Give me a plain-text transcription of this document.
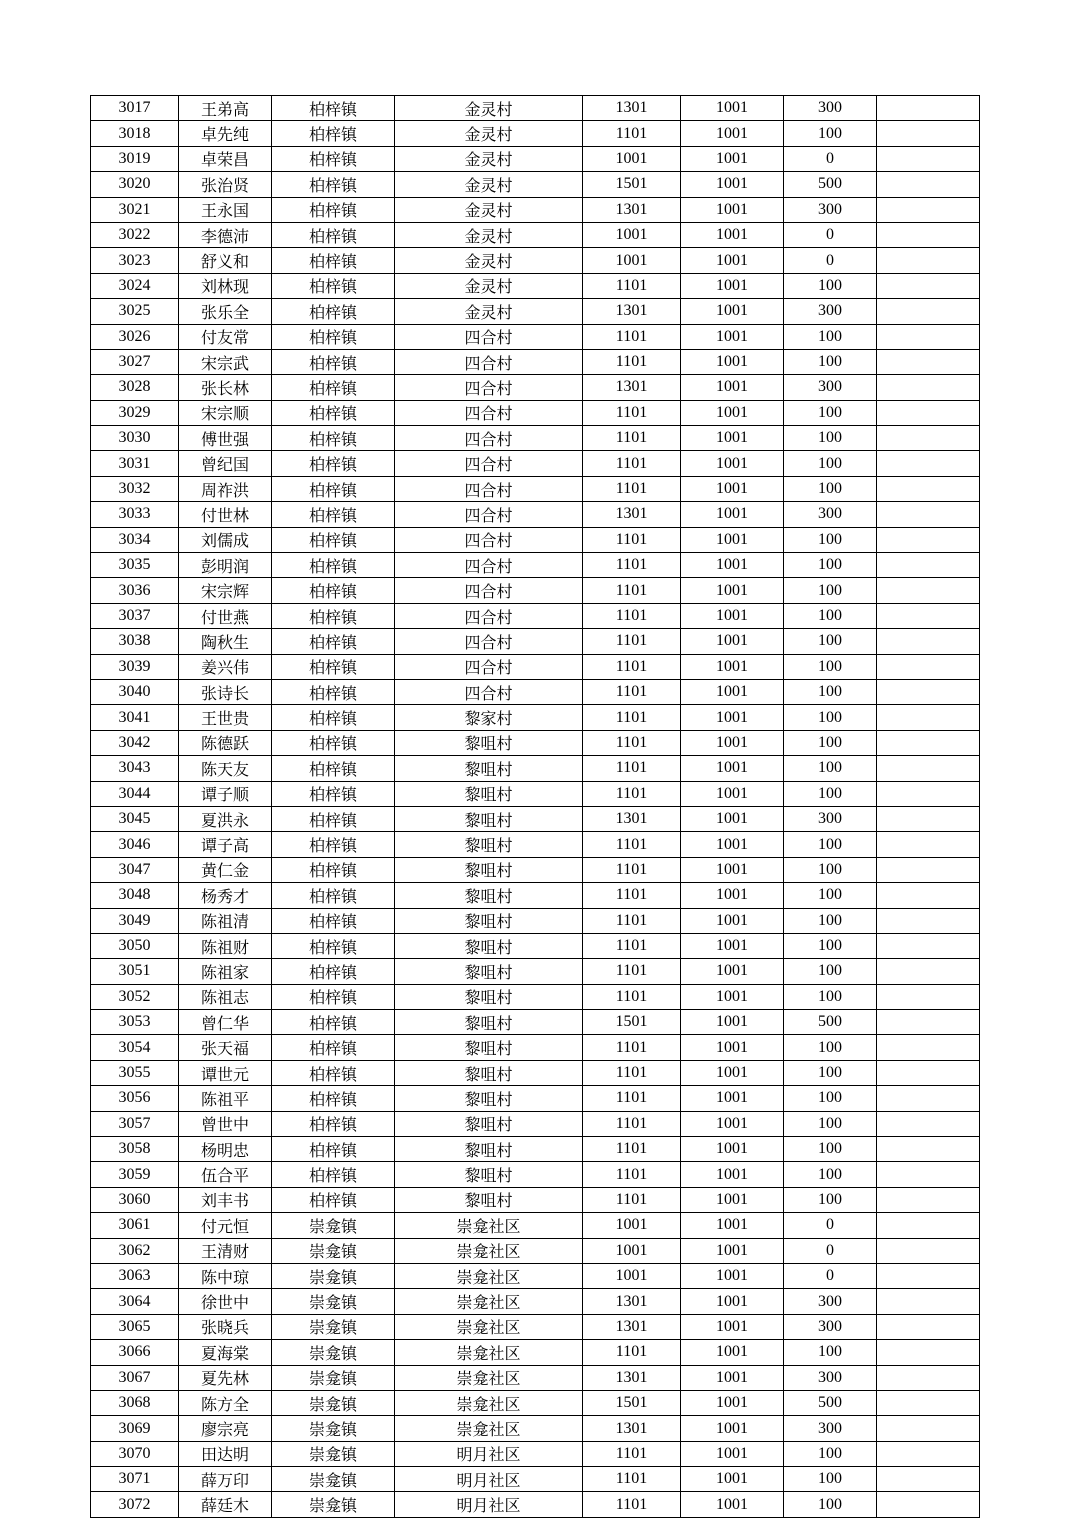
3017	王弟高	柏梓镇	金灵村	1301	1001	300	
3018	卓先纯	柏梓镇	金灵村	1101	1001	100	
3019	卓荣昌	柏梓镇	金灵村	1001	1001	0	
3020	张治贤	柏梓镇	金灵村	1501	1001	500	
3021	王永国	柏梓镇	金灵村	1301	1001	300	
3022	李德沛	柏梓镇	金灵村	1001	1001	0	
3023	舒义和	柏梓镇	金灵村	1001	1001	0	
3024	刘林现	柏梓镇	金灵村	1101	1001	100	
3025	张乐全	柏梓镇	金灵村	1301	1001	300	
3026	付友常	柏梓镇	四合村	1101	1001	100	
3027	宋宗武	柏梓镇	四合村	1101	1001	100	
3028	张长林	柏梓镇	四合村	1301	1001	300	
3029	宋宗顺	柏梓镇	四合村	1101	1001	100	
3030	傅世强	柏梓镇	四合村	1101	1001	100	
3031	曾纪国	柏梓镇	四合村	1101	1001	100	
3032	周祚洪	柏梓镇	四合村	1101	1001	100	
3033	付世林	柏梓镇	四合村	1301	1001	300	
3034	刘儒成	柏梓镇	四合村	1101	1001	100	
3035	彭明润	柏梓镇	四合村	1101	1001	100	
3036	宋宗辉	柏梓镇	四合村	1101	1001	100	
3037	付世燕	柏梓镇	四合村	1101	1001	100	
3038	陶秋生	柏梓镇	四合村	1101	1001	100	
3039	姜兴伟	柏梓镇	四合村	1101	1001	100	
3040	张诗长	柏梓镇	四合村	1101	1001	100	
3041	王世贵	柏梓镇	黎家村	1101	1001	100	
3042	陈德跃	柏梓镇	黎咀村	1101	1001	100	
3043	陈天友	柏梓镇	黎咀村	1101	1001	100	
3044	谭子顺	柏梓镇	黎咀村	1101	1001	100	
3045	夏洪永	柏梓镇	黎咀村	1301	1001	300	
3046	谭子高	柏梓镇	黎咀村	1101	1001	100	
3047	黄仁金	柏梓镇	黎咀村	1101	1001	100	
3048	杨秀才	柏梓镇	黎咀村	1101	1001	100	
3049	陈祖清	柏梓镇	黎咀村	1101	1001	100	
3050	陈祖财	柏梓镇	黎咀村	1101	1001	100	
3051	陈祖家	柏梓镇	黎咀村	1101	1001	100	
3052	陈祖志	柏梓镇	黎咀村	1101	1001	100	
3053	曾仁华	柏梓镇	黎咀村	1501	1001	500	
3054	张天福	柏梓镇	黎咀村	1101	1001	100	
3055	谭世元	柏梓镇	黎咀村	1101	1001	100	
3056	陈祖平	柏梓镇	黎咀村	1101	1001	100	
3057	曾世中	柏梓镇	黎咀村	1101	1001	100	
3058	杨明忠	柏梓镇	黎咀村	1101	1001	100	
3059	伍合平	柏梓镇	黎咀村	1101	1001	100	
3060	刘丰书	柏梓镇	黎咀村	1101	1001	100	
3061	付元恒	崇龛镇	崇龛社区	1001	1001	0	
3062	王清财	崇龛镇	崇龛社区	1001	1001	0	
3063	陈中琼	崇龛镇	崇龛社区	1001	1001	0	
3064	徐世中	崇龛镇	崇龛社区	1301	1001	300	
3065	张晓兵	崇龛镇	崇龛社区	1301	1001	300	
3066	夏海棠	崇龛镇	崇龛社区	1101	1001	100	
3067	夏先林	崇龛镇	崇龛社区	1301	1001	300	
3068	陈方全	崇龛镇	崇龛社区	1501	1001	500	
3069	廖宗亮	崇龛镇	崇龛社区	1301	1001	300	
3070	田达明	崇龛镇	明月社区	1101	1001	100	
3071	薛万印	崇龛镇	明月社区	1101	1001	100	
3072	薛廷木	崇龛镇	明月社区	1101	1001	100	
